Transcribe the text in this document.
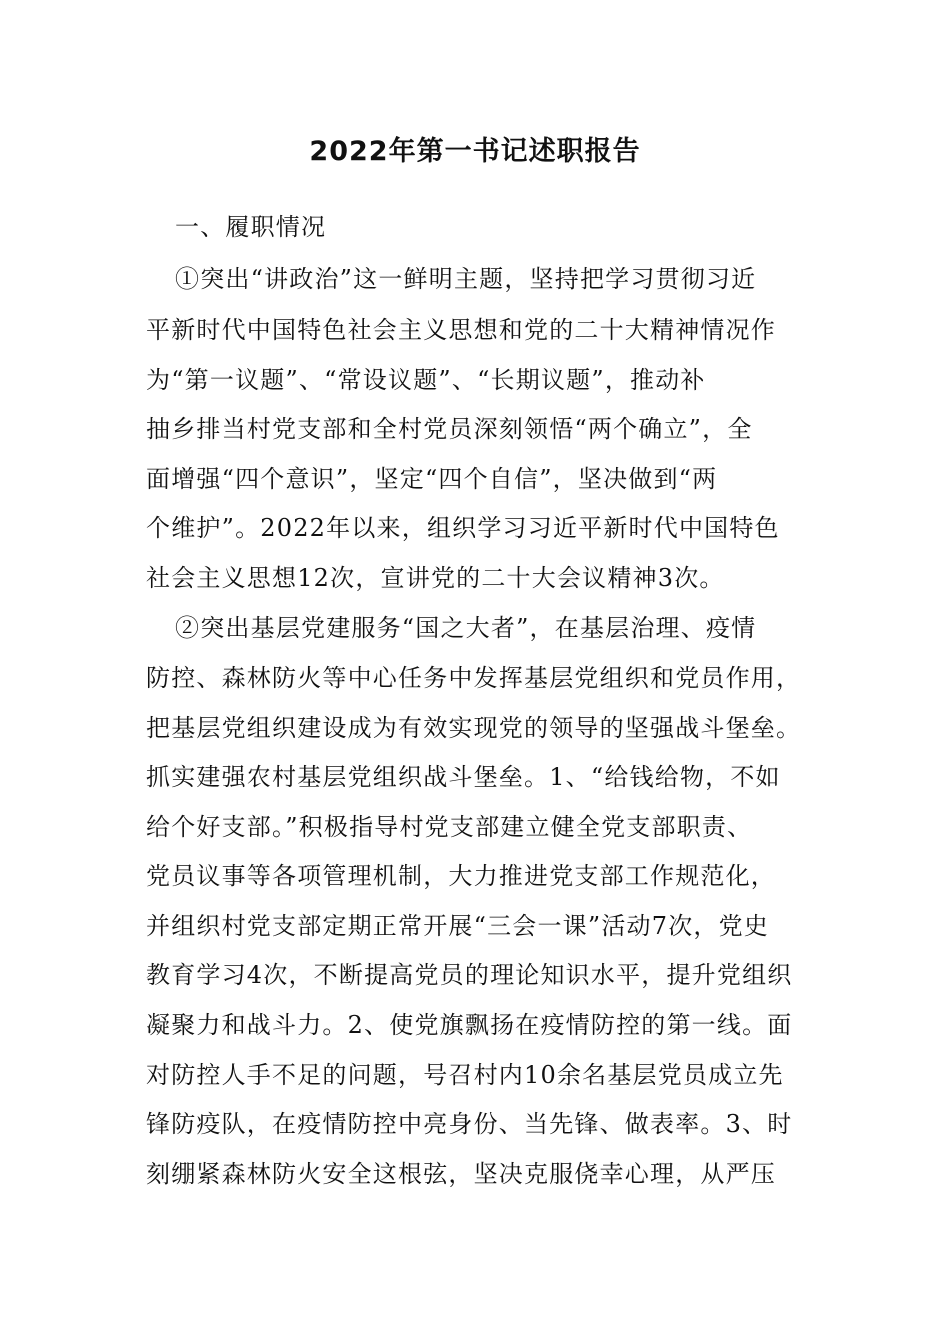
2022年第一书记述职报告
一、履职情况
①突出“讲政治”这一鲜明主题，坚持把学习贯彻习近
平新时代中国特色社会主义思想和党的二十大精神情况作
为“第一议题”、“常设议题”、“长期议题”，推动补
抽乡排当村党支部和全村党员深刻领悟“两个确立”，全
面增强“四个意识”，坚定“四个自信”，坚决做到“两
个维护”。2022年以来，组织学习习近平新时代中国特色
社会主义思想12次，宣讲党的二十大会议精神3次。
②突出基层党建服务“国之大者”，在基层治理、疫情
防控、森林防火等中心任务中发挥基层党组织和党员作用，
把基层党组织建设成为有效实现党的领导的坚强战斗堡垒。
抓实建强农村基层党组织战斗堡垒。1、“给钱给物，不如
给个好支部。”积极指导村党支部建立健全党支部职责、
党员议事等各项管理机制，大力推进党支部工作规范化，
并组织村党支部定期正常开展“三会一课”活动7次，党史
教育学习4次，不断提高党员的理论知识水平，提升党组织
凝聚力和战斗力。2、使党旗飘扬在疫情防控的第一线。面
对防控人手不足的问题，号召村内10余名基层党员成立先
锋防疫队，在疫情防控中亮身份、当先锋、做表率。3、时
刻绷紧森林防火安全这根弦，坚决克服侥幸心理，从严压
